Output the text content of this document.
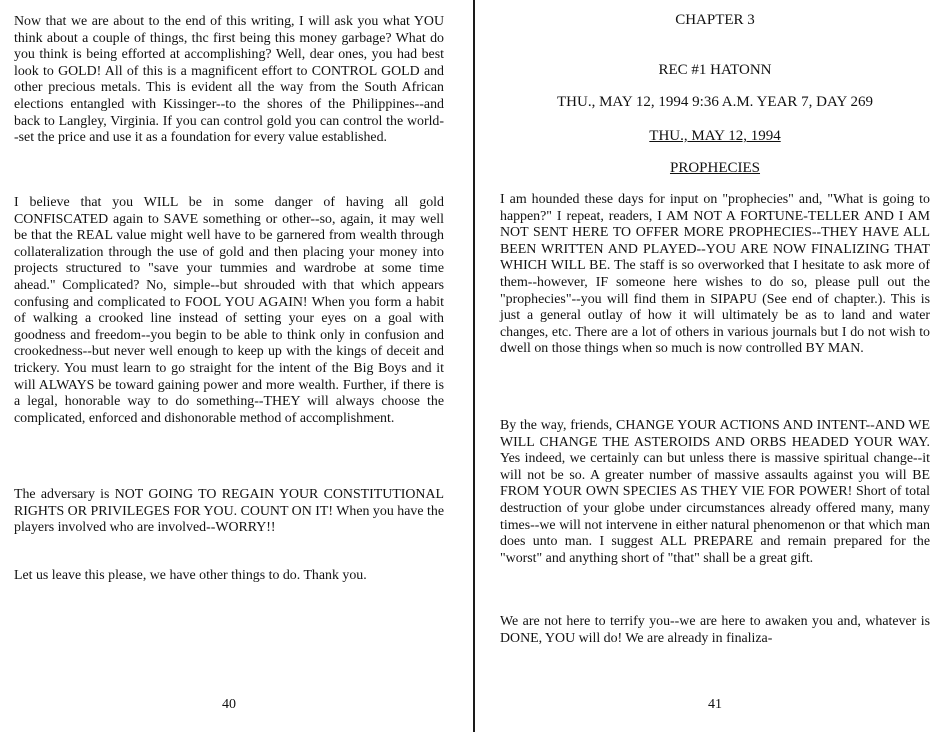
Now that we are about to the end of this writing, I will ask you what YOU think about a couple of things, thc first being this money garbage? What do you think is being efforted at accomplishing? Well, dear ones, you had best look to GOLD! All of this is a magnificent effort to CONTROL GOLD and other precious metals. This is evident all the way from the South African elections entangled with Kissinger--to the shores of the Philippines--and back to Langley, Virginia. If you can control gold you can control the world--set the price and use it as a foundation for every value established.

I believe that you WILL be in some danger of having all gold CONFISCATED again to SAVE something or other--so, again, it may well be that the REAL value might well have to be garnered from wealth through collateralization through the use of gold and then placing your money into projects structured to "save your tummies and wardrobe at some time ahead." Complicated? No, simple--but shrouded with that which appears confusing and complicated to FOOL YOU AGAIN! When you form a habit of walking a crooked line instead of setting your eyes on a goal with goodness and freedom--you begin to be able to think only in confusion and crookedness--but never well enough to keep up with the kings of deceit and trickery. You must learn to go straight for the intent of the Big Boys and it will ALWAYS be toward gaining power and more wealth. Further, if there is a legal, honorable way to do something--THEY will always choose the complicated, enforced and dishonorable method of accomplishment.

The adversary is NOT GOING TO REGAIN YOUR CONSTITUTIONAL RIGHTS OR PRIVILEGES FOR YOU. COUNT ON IT! When you have the players involved who are involved--WORRY!!

Let us leave this please, we have other things to do. Thank you.

40

CHAPTER 3

REC #1 HATONN

THU., MAY 12, 1994 9:36 A.M. YEAR 7, DAY 269

THU., MAY 12, 1994

PROPHECIES

I am hounded these days for input on "prophecies" and, "What is going to happen?" I repeat, readers, I AM NOT A FORTUNE-TELLER AND I AM NOT SENT HERE TO OFFER MORE PROPHECIES--THEY HAVE ALL BEEN WRITTEN AND PLAYED--YOU ARE NOW FINALIZING THAT WHICH WILL BE. The staff is so overworked that I hesitate to ask more of them--however, IF someone here wishes to do so, please pull out the "prophecies"--you will find them in SIPAPU (See end of chapter.). This is just a general outlay of how it will ultimately be as to land and water changes, etc. There are a lot of others in various journals but I do not wish to dwell on those things when so much is now controlled BY MAN.

By the way, friends, CHANGE YOUR ACTIONS AND INTENT--AND WE WILL CHANGE THE ASTEROIDS AND ORBS HEADED YOUR WAY. Yes indeed, we certainly can but unless there is massive spiritual change--it will not be so. A greater number of massive assaults against you will BE FROM YOUR OWN SPECIES AS THEY VIE FOR POWER! Short of total destruction of your globe under circumstances already offered many, many times--we will not intervene in either natural phenomenon or that which man does unto man. I suggest ALL PREPARE and remain prepared for the "worst" and anything short of "that" shall be a great gift.

We are not here to terrify you--we are here to awaken you and, whatever is DONE, YOU will do! We are already in finaliza-

41
